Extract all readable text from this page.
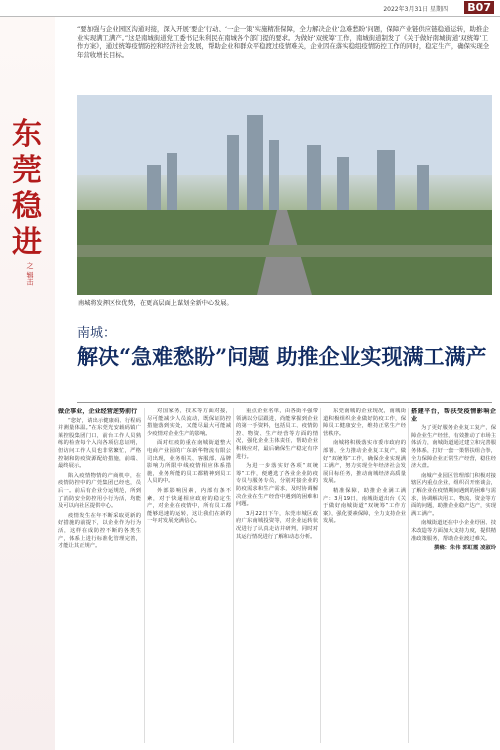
2022年3月31日 星期四 B07
东莞稳进
之 辑击
“要加强与企业园区沟通对接，深入开展‘要企’行动、‘一企一策’实施精准保障，全力解决企业‘急难愁盼’问题，保障产业链供应链稳通运转，助推企业实现满工满产。”这是南城街道党工委书记朱利民在南城各个部门提的要求。为做好‘双统筹’工作，南城街道制发了《关于做好南城街道‘双统筹’工作方案》，通过统筹疫情防控和经济社会发展，帮助企业和群众平稳渡过疫情难关，企业因在落实稳组疫情防控工作的同时，稳定生产，确保实现全年营收增长目标。
南城将发挥区位优势，在更高层面上谋划全新中心发展。
南城：
解决“急难愁盼”问题 助推企业实现满工满产
做企事业，企业经营逆势前行

“您好，请出示健康码、行程码并测量体温。”在东莞光安载码镇广莱控股集团门口，前台工作人员熟练的检查每个入岗各项信息证明，但访问工作人员也非常繁忙，严格控制和防疫资源配给措施，前端、最终展示。

陷入疫情物情的产商机中，在疫情防控中的广莞集团已经也，员后一。前后有企业分运规范，所到了消防安全防控用小行为活，均能及可以向社区提供中心。

疫情发生在年不断采取更新的好措施的前提下，以企业作为行为活，这样在成防控不断的各类生产，体系上进行标准化管理完善，才能让其正规产。

对国家务，技术等方面对接，尽可能减少人员流动，既保证防控措施落到实处，又能尽最大可能减少疫情对企业生产的影响。

面对红疫防重在南城街道整大电商产业园的广东新华物流有限公司出现，业务相关、客服部、品牌影响力所限中线疫情相应体系措施，业务所能的员工都精神到员工人员的中。

外部影响因素，内部有条不紊，对于快递相应政府的稳定生产，对企业在疫情中，所有员工都能够迅速的运转，这让我们在新的一年对发展充满信心。

重点企业名单，由各街平强带领满以分层跟进，尚能掌握到企业的第一手资料，包括员工、疫情防控、物资、生产经营等方面的情况，强化企业主体责任，帮助企业积极应对，最后确保生产稳定有序进行。

为进一步落实好各项“双统筹”工作，便遴选了各业企业防疫专员与服务专员，分别对接企业的防疫需求和生产需求，及时协调解决企业在生产经营中遇到的困难和问题。

3月22日下午，东莞市城区政府广东南城投资等，对企业运转状况进行了认真走访并研判，同时对其运行情况进行了解和动态分析。

东莞南城的企业现况，南城街道积极组织企业做好防疫工作，保障员工健康安全，维持正常生产经营秩序。

南城将积极落实市委市政府的部署，全力推动企业复工复产，做好“双统筹”工作，确保企业实现满工满产，努力实现全年经济社会发展目标任务，推动南城经济高质量发展。

精准保障，助推企业满工满产：3月19日，南城街道出台《关于做好南城街道“双统筹”工作方案》，强化要素保障，全力支持企业发展。

搭建平台，帮扶受疫情影响企业

为了更好服务企业复工复产，保障企业生产经营，有效推动了市场主体活力，南城街道通过建立和完善服务体系，打好一套一策帮扶组合拳，全力保障企业正常生产经营，稳住经济大盘。

南城产业园区管理部门积极对接辖区内重点企业，组织召开座谈会，了解企业在疫情期间遇到的困难与需求，协调解决用工、物流、资金等方面的问题，助推企业稳产达产，实现满工满产。

南城街道还在中小企业纾困、技术改造等方面加大支持力度，提供精准政策服务，帮助企业渡过难关。

撰稿：朱伟 郭虹霞 凌淑玲
